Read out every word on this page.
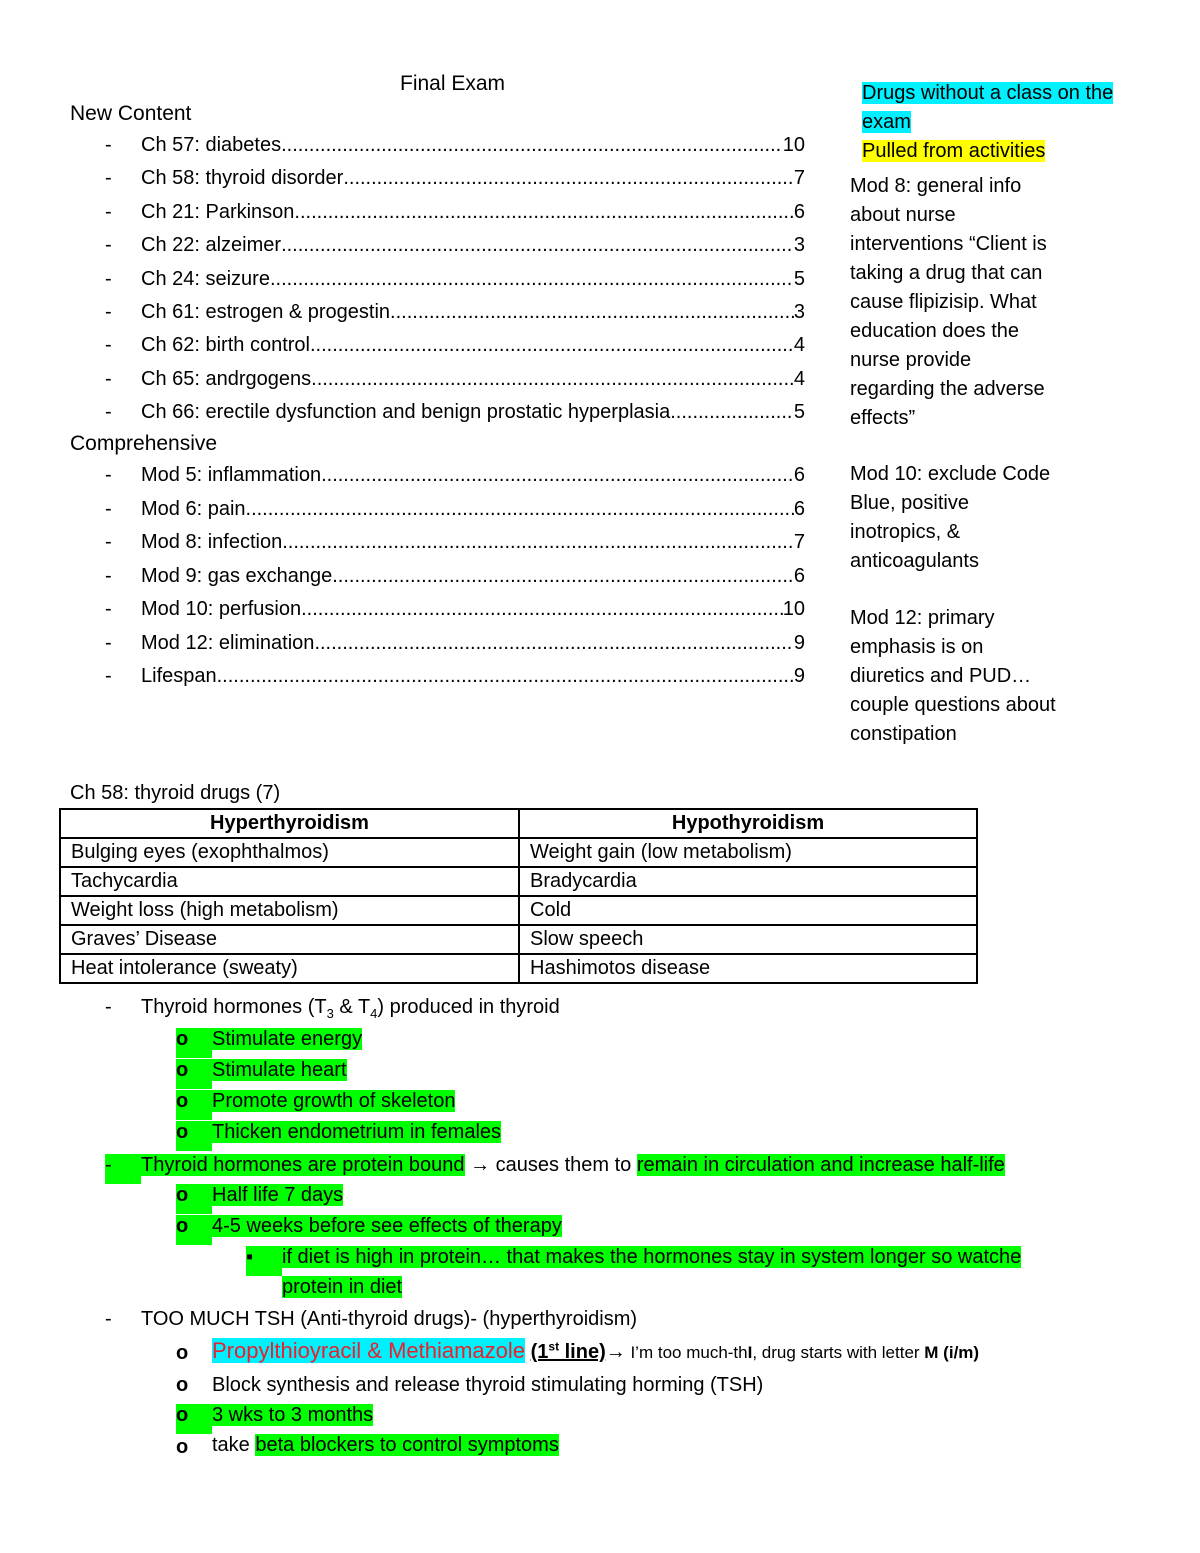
Final Exam
New Content
- Ch 57: diabetes .....	10
- Ch 58: thyroid disorder .....	7
- Ch 21: Parkinson .....	6
- Ch 22: alzeimer .....	3
- Ch 24: seizure .....	5
- Ch 61: estrogen & progestin .....	3
- Ch 62: birth control .....	4
- Ch 65: andrgogens .....	4
- Ch 66: erectile dysfunction and benign prostatic hyperplasia .....	5
Comprehensive
- Mod 5: inflammation .....	6
- Mod 6: pain .....	6
- Mod 8: infection .....	7
- Mod 9: gas exchange .....	6
- Mod 10: perfusion .....	10
- Mod 12: elimination .....	9
- Lifespan .....	9
Drugs without a class on the
exam
Pulled from activities
Mod 8: general info about nurse interventions “Client is taking a drug that can cause flipizisip. What education does the nurse provide regarding the adverse effects”
Mod 10: exclude Code Blue, positive inotropics, & anticoagulants
Mod 12: primary emphasis is on diuretics and PUD… couple questions about constipation
Ch 58: thyroid drugs (7)
Hyperthyroidism	Hypothyroidism
Bulging eyes (exophthalmos)	Weight gain (low metabolism)
Tachycardia	Bradycardia
Weight loss (high metabolism)	Cold
Graves’ Disease	Slow speech
Heat intolerance (sweaty)	Hashimotos disease
- Thyroid hormones ($T_3$ & $T_4$) produced in thyroid
o	Stimulate energy
o	Stimulate heart
o	Promote growth of skeleton
o	Thicken endometrium in females
-	Thyroid hormones are protein bound → causes them to remain in circulation and increase half-life
o	Half life 7 days
o	4-5 weeks before see effects of therapy
▪	if diet is high in protein… that makes the hormones stay in system longer so watche
protein in diet
- TOO MUCH TSH (Anti-thyroid drugs)- (hyperthyroidism)
o Propylthioyracil & Methiamazole (1st line)→ I’m too much-thI, drug starts with letter M (i/m)
o Block synthesis and release thyroid stimulating horming (TSH)
o	3 wks to 3 months
o take beta blockers to control symptoms
